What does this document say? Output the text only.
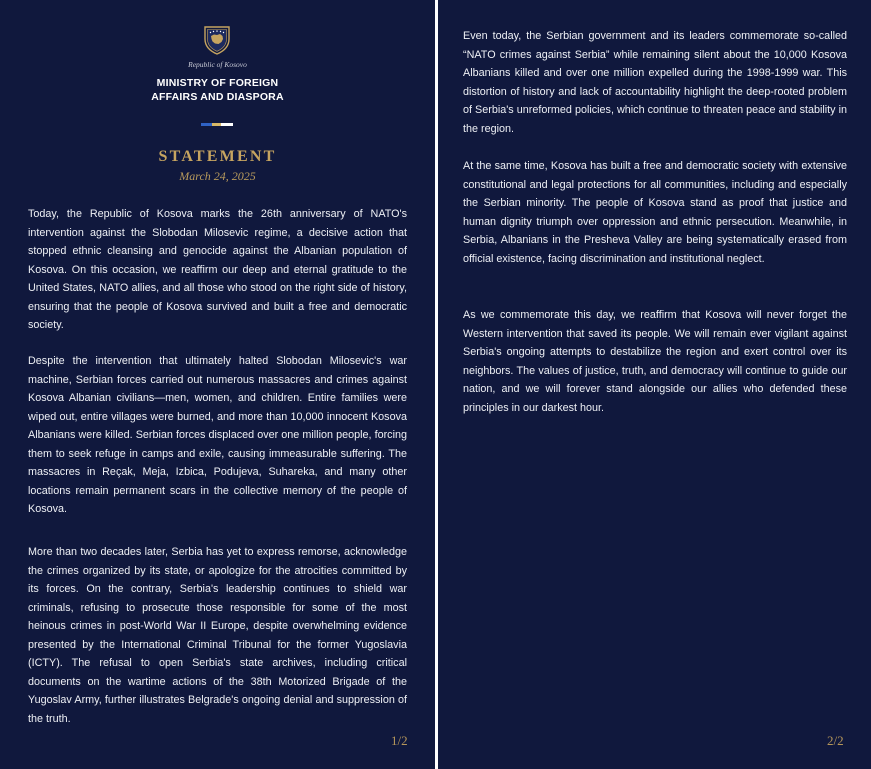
Republic of Kosovo
MINISTRY OF FOREIGN
AFFAIRS AND DIASPORA
STATEMENT
March 24, 2025

Today, the Republic of Kosova marks the 26th anniversary of NATO's intervention against the Slobodan Milosevic regime, a decisive action that stopped ethnic cleansing and genocide against the Albanian population of Kosova. On this occasion, we reaffirm our deep and eternal gratitude to the United States, NATO allies, and all those who stood on the right side of history, ensuring that the people of Kosova survived and built a free and democratic society.

Despite the intervention that ultimately halted Slobodan Milosevic's war machine, Serbian forces carried out numerous massacres and crimes against Kosova Albanian civilians—men, women, and children. Entire families were wiped out, entire villages were burned, and more than 10,000 innocent Kosova Albanians were killed. Serbian forces displaced over one million people, forcing them to seek refuge in camps and exile, causing immeasurable suffering. The massacres in Reçak, Meja, Izbica, Podujeva, Suhareka, and many other locations remain permanent scars in the collective memory of the people of Kosova.

More than two decades later, Serbia has yet to express remorse, acknowledge the crimes organized by its state, or apologize for the atrocities committed by its forces. On the contrary, Serbia's leadership continues to shield war criminals, refusing to prosecute those responsible for some of the most heinous crimes in post-World War II Europe, despite overwhelming evidence presented by the International Criminal Tribunal for the former Yugoslavia (ICTY). The refusal to open Serbia's state archives, including critical documents on the wartime actions of the 38th Motorized Brigade of the Yugoslav Army, further illustrates Belgrade's ongoing denial and suppression of the truth.

1/2

Even today, the Serbian government and its leaders commemorate so-called “NATO crimes against Serbia” while remaining silent about the 10,000 Kosova Albanians killed and over one million expelled during the 1998-1999 war. This distortion of history and lack of accountability highlight the deep-rooted problem of Serbia's unreformed policies, which continue to threaten peace and stability in the region.

At the same time, Kosova has built a free and democratic society with extensive constitutional and legal protections for all communities, including and especially the Serbian minority. The people of Kosova stand as proof that justice and human dignity triumph over oppression and ethnic persecution. Meanwhile, in Serbia, Albanians in the Presheva Valley are being systematically erased from official existence, facing discrimination and institutional neglect.

As we commemorate this day, we reaffirm that Kosova will never forget the Western intervention that saved its people. We will remain ever vigilant against Serbia's ongoing attempts to destabilize the region and exert control over its neighbors. The values of justice, truth, and democracy will continue to guide our nation, and we will forever stand alongside our allies who defended these principles in our darkest hour.

2/2
